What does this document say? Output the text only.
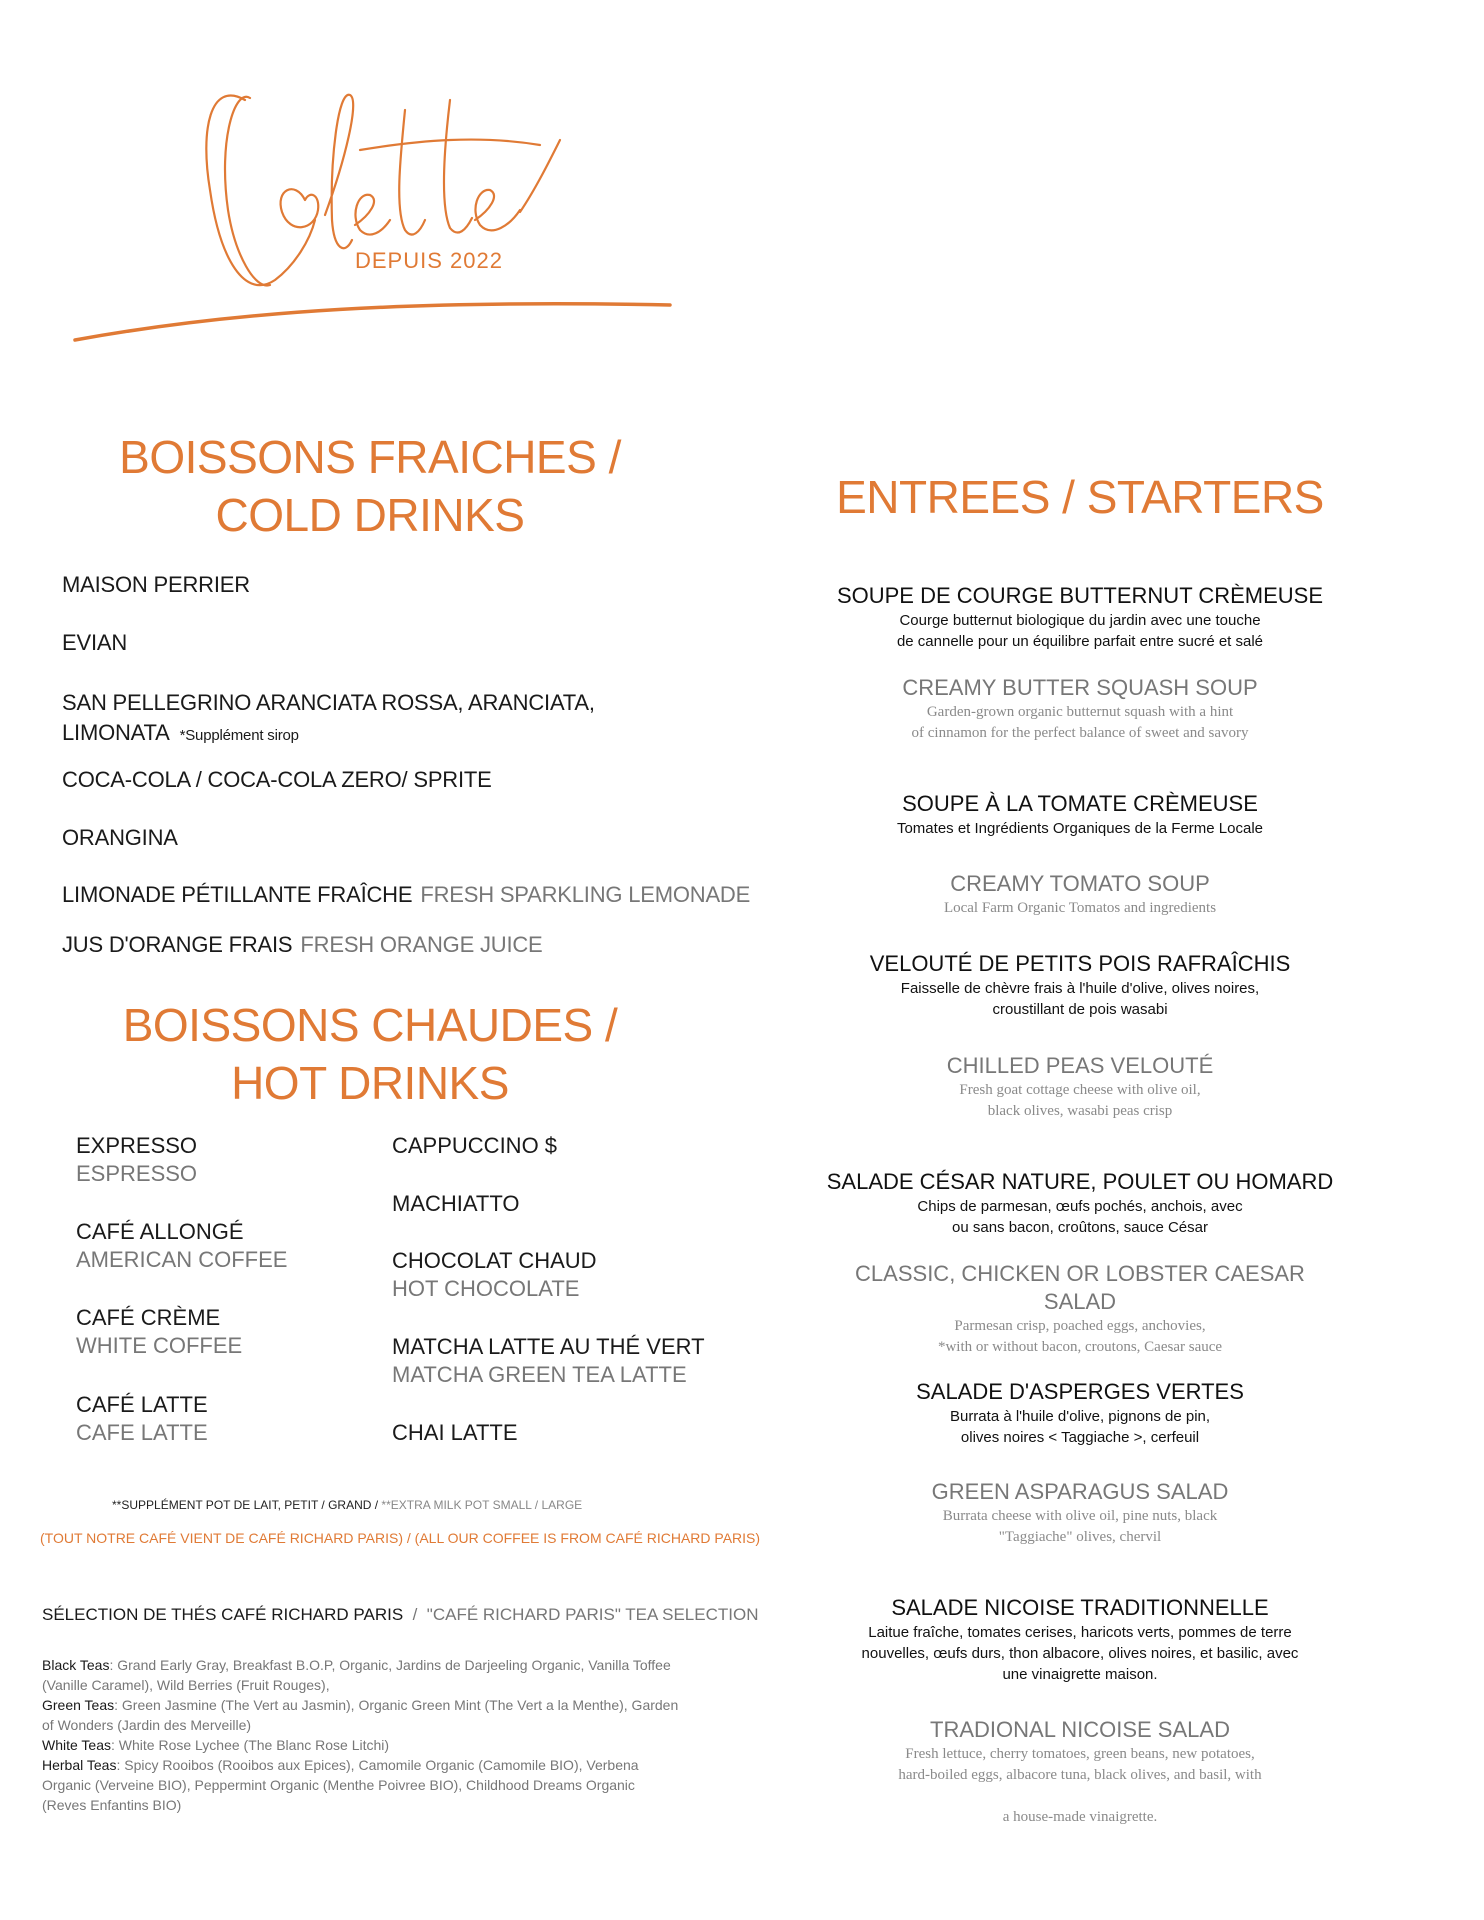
DEPUIS 2022
BOISSONS FRAICHES /
COLD DRINKS
MAISON PERRIER
EVIAN
SAN PELLEGRINO ARANCIATA ROSSA, ARANCIATA,
LIMONATA *Supplément sirop
COCA-COLA / COCA-COLA ZERO/ SPRITE
ORANGINA
LIMONADE PÉTILLANTE FRAÎCHE FRESH SPARKLING LEMONADE
JUS D'ORANGE FRAIS FRESH ORANGE JUICE
BOISSONS CHAUDES /
HOT DRINKS
EXPRESSO
ESPRESSO
CAFÉ ALLONGÉ
AMERICAN COFFEE
CAFÉ CRÈME
WHITE COFFEE
CAFÉ LATTE
CAFE LATTE
CAPPUCCINO $
MACHIATTO
CHOCOLAT CHAUD
HOT CHOCOLATE
MATCHA LATTE AU THÉ VERT
MATCHA GREEN TEA LATTE
CHAI LATTE
**SUPPLÉMENT POT DE LAIT, PETIT / GRAND / **EXTRA MILK POT SMALL / LARGE
(TOUT NOTRE CAFÉ VIENT DE CAFÉ RICHARD PARIS) / (ALL OUR COFFEE IS FROM CAFÉ RICHARD PARIS)
SÉLECTION DE THÉS CAFÉ RICHARD PARIS  /  "CAFÉ RICHARD PARIS" TEA SELECTION
Black Teas: Grand Early Gray, Breakfast B.O.P, Organic, Jardins de Darjeeling Organic, Vanilla Toffee (Vanille Caramel), Wild Berries (Fruit Rouges),
Green Teas: Green Jasmine (The Vert au Jasmin), Organic Green Mint (The Vert a la Menthe), Garden of Wonders (Jardin des Merveille)
White Teas: White Rose Lychee (The Blanc Rose Litchi)
Herbal Teas: Spicy Rooibos (Rooibos aux Epices), Camomile Organic (Camomile BIO), Verbena Organic (Verveine BIO), Peppermint Organic (Menthe Poivree BIO), Childhood Dreams Organic (Reves Enfantins BIO)
ENTREES / STARTERS
SOUPE DE COURGE BUTTERNUT CRÈMEUSE
Courge butternut biologique du jardin avec une touche
de cannelle pour un équilibre parfait entre sucré et salé
CREAMY BUTTER SQUASH SOUP
Garden-grown organic butternut squash with a hint
of cinnamon for the perfect balance of sweet and savory
SOUPE À LA TOMATE CRÈMEUSE
Tomates et Ingrédients Organiques de la Ferme Locale
CREAMY TOMATO SOUP
Local Farm Organic Tomatos and ingredients
VELOUTÉ DE PETITS POIS RAFRAÎCHIS
Faisselle de chèvre frais à l'huile d'olive, olives noires,
croustillant de pois wasabi
CHILLED PEAS VELOUTÉ
Fresh goat cottage cheese with olive oil,
black olives, wasabi peas crisp
SALADE CÉSAR NATURE, POULET OU HOMARD
Chips de parmesan, œufs pochés, anchois, avec
ou sans bacon, croûtons, sauce César
CLASSIC, CHICKEN OR LOBSTER CAESAR SALAD
Parmesan crisp, poached eggs, anchovies,
*with or without bacon, croutons, Caesar sauce
SALADE D'ASPERGES VERTES
Burrata à l'huile d'olive, pignons de pin,
olives noires < Taggiache >, cerfeuil
GREEN ASPARAGUS SALAD
Burrata cheese with olive oil, pine nuts, black
"Taggiache" olives, chervil
SALADE NICOISE TRADITIONNELLE
Laitue fraîche, tomates cerises, haricots verts, pommes de terre
nouvelles, œufs durs, thon albacore, olives noires, et basilic, avec
une vinaigrette maison.
TRADIONAL NICOISE SALAD
Fresh lettuce, cherry tomatoes, green beans, new potatoes,
hard-boiled eggs, albacore tuna, black olives, and basil, with

a house-made vinaigrette.
